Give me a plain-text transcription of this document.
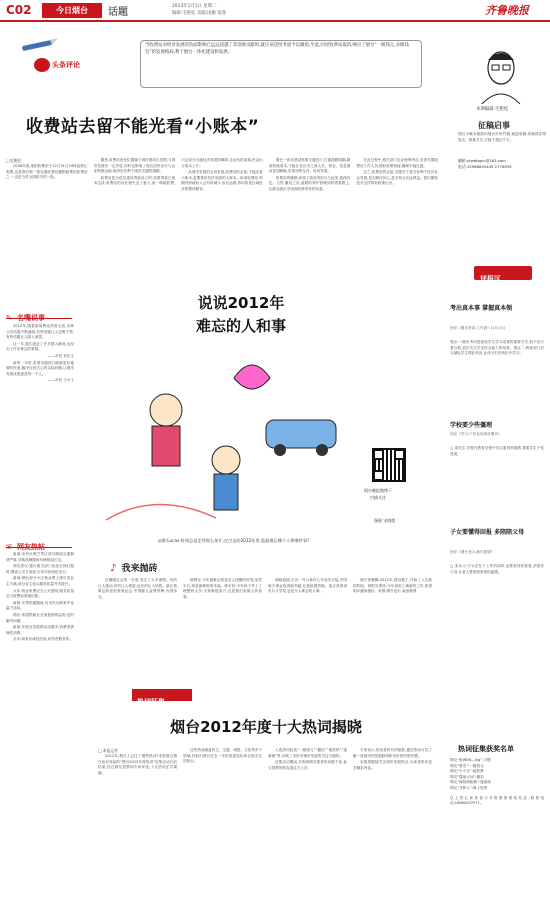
C02	今日烟台	话题
2013年1月1日 星期二
编辑:毛艳松 美编:国傲 窦睿	齐鲁晚报
头条评论
当收费站对经济发展的负面影响已远远超越了其创收贡献时,就应该适度考虑予以撤销,至此,同里收费站取消,响应了烟台“一级钱元,多级钱包”的发展格局,利于烟台一体化建设和发展。
收费站去留不能光看“小账本”
□毛艳松

2006年底,莱阳收费站于12月31日24时起停止收费,这是烟台第一批实施收费站撤销政策的收费站之一,也是当时全国较早的一批。

据悉,收费站所处位置属于城市建成区范围,与城市发展有一定矛盾,同时也影响了周边居民出行与企业物流运输,取消后有利于城市交通的通畅。

收费站是为偿还建设贷款设立的,如果贷款已基本还清,收费站的存在便失去了意义,而一味地收费,只会成为当地经济发展的障碍,企业负担加重,民众出行成本上升。

从城市发展的全局来看,收费站的去留,不能光看小账本,更要算好经济发展的大账本。取消收费站,短期内财政收入会有所减少,但长远看,带动的是区域经济的整体繁荣。

烟台一体化建设需要交通先行,打通道路阻隔,降低物流成本,才能让各区市之间人员、资金、信息流动更加顺畅,实现优势互补、协同发展。

收费站的撤销,体现了政府的担当与远见,值得肯定。当然,撤站之后,道路的养护管理同样需要跟上,让群众真正享受到改革带来的实惠。

在此过程中,相关部门也应统筹考虑,妥善安置收费站工作人员,做好政策衔接,确保平稳过渡。

总之,收费站的去留,关键在于是否有利于经济社会发展,是否顺应民心,是否符合长远利益。我们期待更多这样的好政策出台。

本期编辑:毛艳松
征稿启事
烟台今晚本版面向烟台市民约稿,欢迎来稿:来稿请注明姓名、联系方式,字数不超过千字。
邮箱:ytwbtopic@163.com
电话:15966845449 2776639
✎ 名嘴说事

2012年,随着新闻舆论热度走高,各种公共话题不断涌现,有些话题让人忍俊不禁,有些话题让人陷入深思。

这一年,我们见证了许多感人瞬间,也经历了许多难忘的事情。

——市民 刘先生

新的一年里,希望各级部门能够更好地倾听民意,解决百姓关心的实际问题,让城市发展成果惠及每一个人。

——市民 王女士

✉ 网友热帖

新闻:市民反映芝罘区部分路段交通拥堵严重,早晚高峰期间车辆排起长龙。

网友热议:建议相关部门优化红绿灯配时,增设公交专用道,引导市民绿色出行。

新闻:烟台部分小区物业费上调引发业主不满,部分业主表示服务质量并未提升。

点评:物业收费应当公开透明,服务质量应与收费标准相匹配。

新闻:冬季供暖期间,有市民反映家中室温不达标。

网友:希望供暖企业加强管网巡查,及时解决问题。

新闻:年底各类促销活动增多,消费者需理性消费。

点评:商家应诚信经营,切勿虚假宣传。

说说2012年
难忘的人和事
烟台晚报微博下
扫描关注
漫画 宋晓霞
◎群:Lucas:时间总是走得那么匆忙,在过去的2012年里,您最难忘哪个人和哪件事?
♪ 我来抛砖

在刚刚过去的一年里,发生了太多事情。有的让人感动,有的让人愤怒,也有的让人欣慰。最让我难忘的是伦敦奥运会,中国健儿奋勇拼搏,为国争光。

@网友:今年最难忘的是亲人团聚的时刻,虽然平凡,却是最珍贵的幸福。@市民:今年孩子考上了理想的大学,全家都很高兴,这是我们家最大的喜事。

@晓迪迪:天宫一号与神舟九号成功对接,中国航天事业取得新突破,让我倍感骄傲。莫言获得诺贝尔文学奖,也是令人难忘的大事。

@长发飘飘:2012年,我结婚了,开始了人生新的阶段。@阳光男孩:今年找到了满意的工作,希望明年越来越好。来源:烟台论坛 新浪微博

热词征集
烟台2012年度十大热词揭晓
□ 本报记者

2012年,烟台人记住了哪些热词?本报联合烟台论坛发起的“烟台2012年度热词”征集活动日前结束,经过网友投票和专家评选,十大热词正式揭晓。

这些热词涵盖民生、交通、城建、文化等多个领域,折射出烟台过去一年的发展变化和百姓关注的热点。

入选热词包括“一级钱元”“撤站”“地铁梦”“蓬莱阁”等,反映了市民对城市发展的关注与期待。

征集活动期间,共收到网友推荐热词数千条,参与投票的网友超过万人次。

专家表示,热词是时代的缩影,通过热词可以了解一座城市的发展脉络和市民的所思所想。

本报将继续关注城市发展热点,为读者带来更多精彩内容。

评报区
考出真本事 掌握真本领
回应《期末考试:工作表》(1月1日)
观点一:期末考试是检验学生学习成果的重要方式,但不应只看分数,更应关注学生综合能力的培养。观点二:教育部门应当减轻学生课业负担,让孩子们在快乐中学习。
学校要少些僵理
回应《学习:个性化培训在增多》
□ 周先生:学校在教育过程中应注重因材施教,尊重学生个性发展。
子女要懂得回报 多陪陪父母
回应《烟台老人:新年愿望》
□ 宋女士:子女在忙于工作的同时,也要常回家看看,多陪伴父母,让老人感受到家庭的温暖。
热词征集获奖名单
网友“张WEN—ing”:习惯
网友“鲁雪”:一级钱元
网友“小小豆”:地铁梦
网友“蓬莱大仙”:撤站
网友“海阳海阳港”:蓬莱阁
网友“寻梦人”:海上世界
以上热心读者请与本报联系领取奖品,联系电话:18660037071。
